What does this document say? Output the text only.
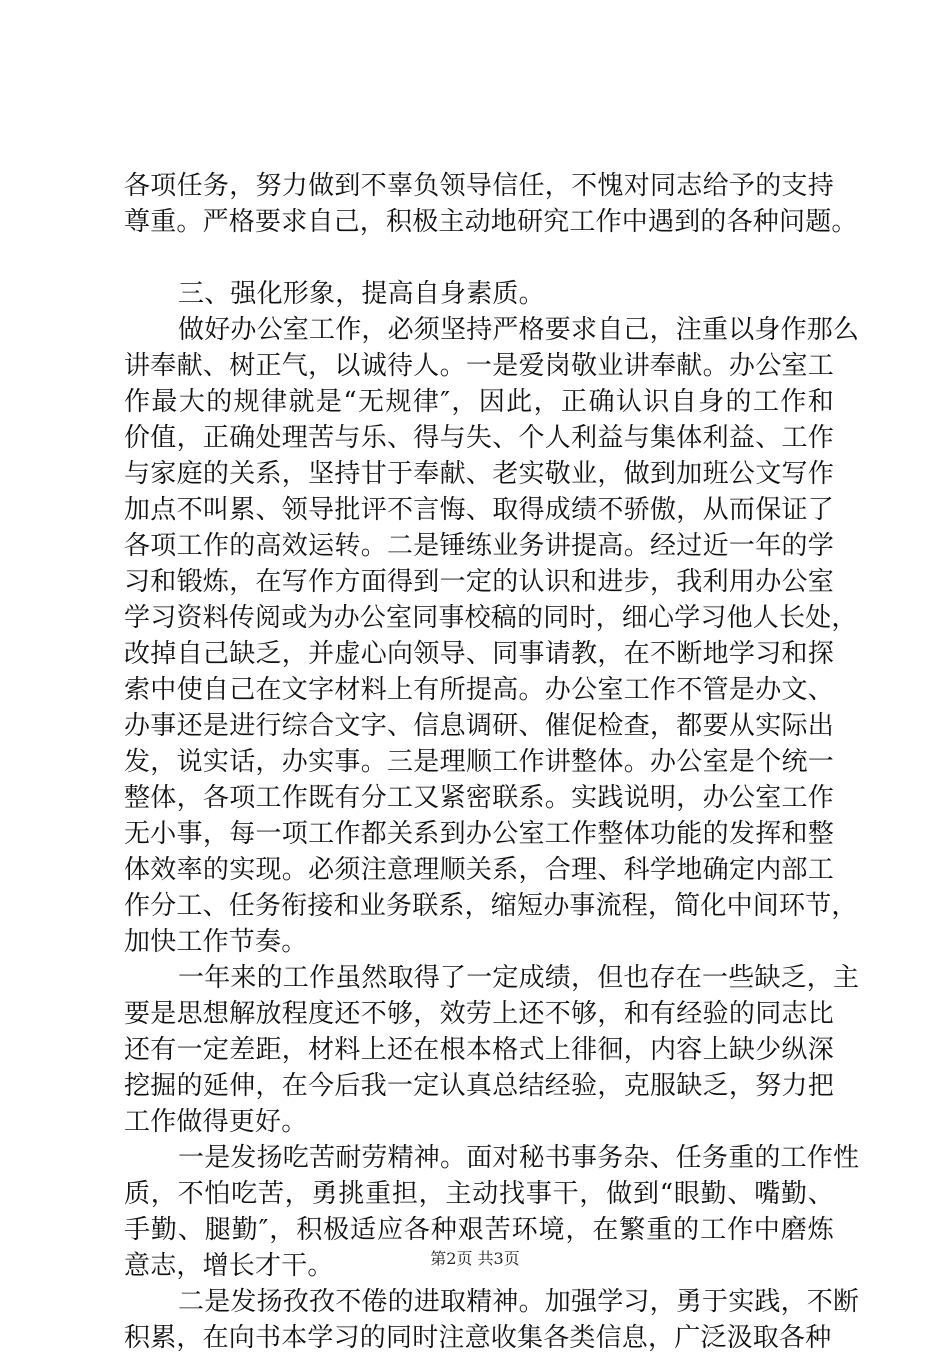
各项任务，努力做到不辜负领导信任，不愧对同志给予的支持
尊重。严格要求自己，积极主动地研究工作中遇到的各种问题。
三、强化形象，提高自身素质。
做好办公室工作，必须坚持严格要求自己，注重以身作那么
讲奉献、树正气，以诚待人。一是爱岗敬业讲奉献。办公室工
作最大的规律就是“无规律″，因此，正确认识自身的工作和
价值，正确处理苦与乐、得与失、个人利益与集体利益、工作
与家庭的关系，坚持甘于奉献、老实敬业，做到加班公文写作
加点不叫累、领导批评不言悔、取得成绩不骄傲，从而保证了
各项工作的高效运转。二是锤练业务讲提高。经过近一年的学
习和锻炼，在写作方面得到一定的认识和进步，我利用办公室
学习资料传阅或为办公室同事校稿的同时，细心学习他人长处，
改掉自己缺乏，并虚心向领导、同事请教，在不断地学习和探
索中使自己在文字材料上有所提高。办公室工作不管是办文、
办事还是进行综合文字、信息调研、催促检查，都要从实际出
发，说实话，办实事。三是理顺工作讲整体。办公室是个统一
整体，各项工作既有分工又紧密联系。实践说明，办公室工作
无小事，每一项工作都关系到办公室工作整体功能的发挥和整
体效率的实现。必须注意理顺关系，合理、科学地确定内部工
作分工、任务衔接和业务联系，缩短办事流程，简化中间环节，
加快工作节奏。
一年来的工作虽然取得了一定成绩，但也存在一些缺乏，主
要是思想解放程度还不够，效劳上还不够，和有经验的同志比
还有一定差距，材料上还在根本格式上徘徊，内容上缺少纵深
挖掘的延伸，在今后我一定认真总结经验，克服缺乏，努力把
工作做得更好。
一是发扬吃苦耐劳精神。面对秘书事务杂、任务重的工作性
质，不怕吃苦，勇挑重担，主动找事干，做到“眼勤、嘴勤、
手勤、腿勤″，积极适应各种艰苦环境，在繁重的工作中磨炼
意志，增长才干。
二是发扬孜孜不倦的进取精神。加强学习，勇于实践，不断
积累，在向书本学习的同时注意收集各类信息，广泛汲取各种
第2页 共3页
